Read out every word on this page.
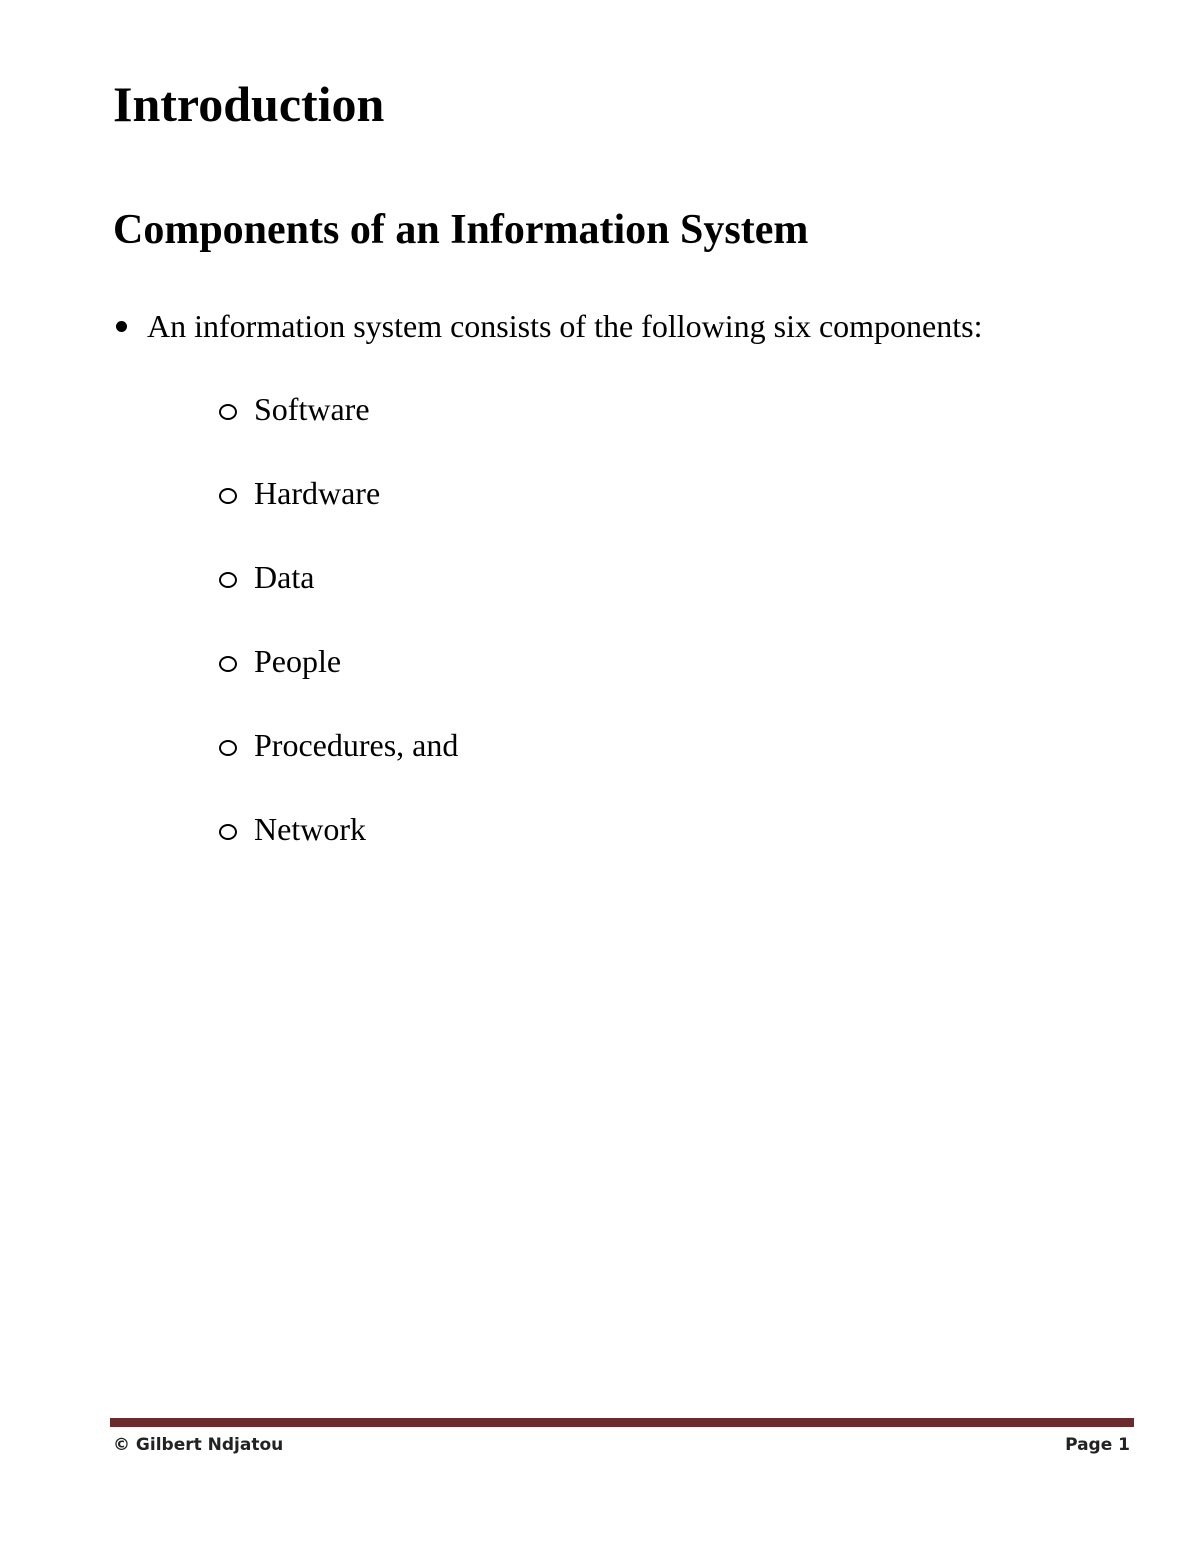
Introduction
Components of an Information System
An information system consists of the following six components:
Software
Hardware
Data
People
Procedures, and
Network
© Gilbert Ndjatou	Page 1
